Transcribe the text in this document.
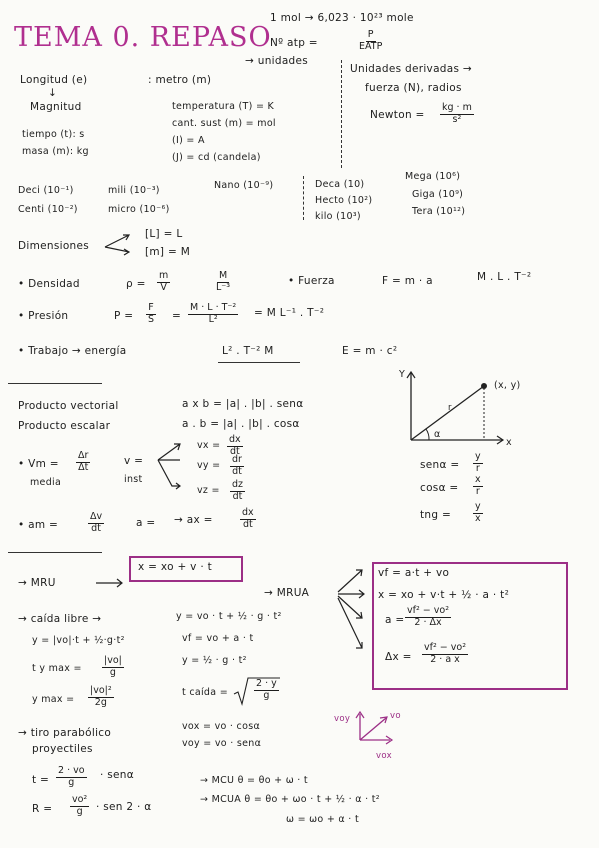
TEMA 0. REPASO
1 mol → 6,023 · 10²³ mole
Nº atp =
P
EATP
→ unidades
Longitud (e)	: metro (m)
↓
Magnitud
tiempo (t): s
masa (m): kg
temperatura (T) = K
cant. sust (m) = mol
(I) = A
(J) = cd (candela)
Unidades derivadas →
fuerza (N), radios
Newton = $\frac{kg \cdot m}{\text{s²}}$
Deci (10⁻¹)	mili (10⁻³)	Nano (10⁻⁹)
Centi (10⁻²)	micro (10⁻⁶)
Deca (10)
Hecto (10²)
kilo (10³)
Mega (10⁶)
Giga (10⁹)
Tera (10¹²)
Dimensiones
[L] = L
[m] = M
• Densidad	$\rho = \frac{m}{V}$	$\frac{M}{\text{L⁻³}}$	• Fuerza	F = m · a	M . L . T⁻²
• Presión	$P = \frac{F}{S} = \frac{\text{M · L · T⁻²}}{\text{L²}} = M$ L⁻¹ . T⁻²
• Trabajo → energía	L² . T⁻² M	E = m · c²
Producto vectorial
Producto escalar
a x b = |a| . |b| . senα
a . b = |a| . |b| . cosα
Y
x
(x, y)
r
α
$sen\alpha = \frac{y}{r}$
$\cos\alpha = \frac{x}{r}$
tng = $\frac{y}{x}$
• $Vm = \frac{\Delta r}{\Delta t}$
media
v =
inst
vx = $\frac{dx}{dt}$
vy = $\frac{dr}{dt}$
vz = $\frac{dz}{dt}$
• am =	$\frac{\Delta v}{dt}$	a = → ax =	$\frac{dx}{dt}$
→ MRU
x = xo + v · t
→ MRUA
vf = a·t + vo
x = xo + v·t + ½ · a · t²
$a = \frac{\text{vf² − vo²}}{2 \cdot \Delta x}$
$\Delta x = \frac{\text{vf² − vo²}}{\text{2 · a x}}$
→ caída libre →	y = vo · t + ½ · g · t²
y = |vo|·t + ½·g·t²	vf = vo + a · t
t y $\max = \frac{|vo|}{g}$	y = ½ · g · t²
y $\max = \frac{\text{|vo|²}}{2g}$	t caída =	$\frac{2 \cdot y}{g}$
→ tiro parabólico
proyectiles
vox = vo · cosα
voy = vo · senα
$t = \frac{2 \cdot vo}{g} \cdot sen\alpha$
$R = \frac{\text{vo²}}{g}$ · sen 2 · α
vo
voy
vox
→ MCU θ = θo + ω · t
→ MCUA θ = θo + ωo · t + ½ · α · t²
ω = ωo + α · t
